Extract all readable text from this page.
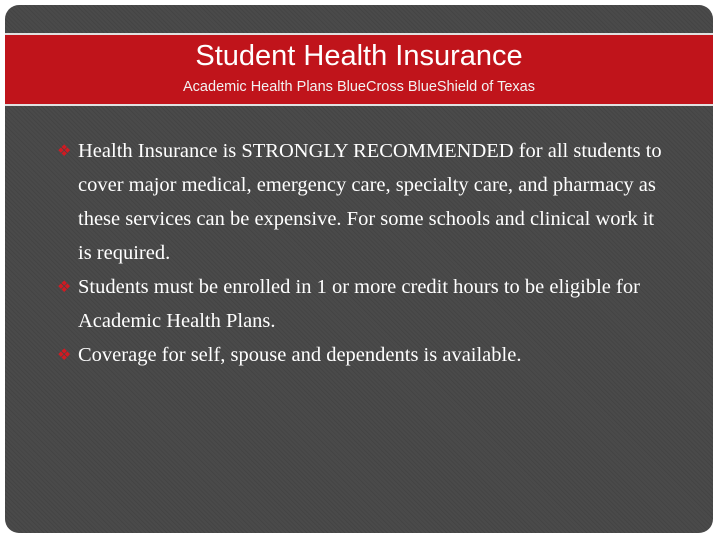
Student Health Insurance
Academic Health Plans BlueCross BlueShield of Texas
❖ Health Insurance is STRONGLY RECOMMENDED for all students to cover major medical, emergency care, specialty care, and pharmacy as these services can be expensive. For some schools and clinical work it is required.
❖ Students must be enrolled in 1 or more credit hours to be eligible for Academic Health Plans.
❖ Coverage for self, spouse and dependents is available.
